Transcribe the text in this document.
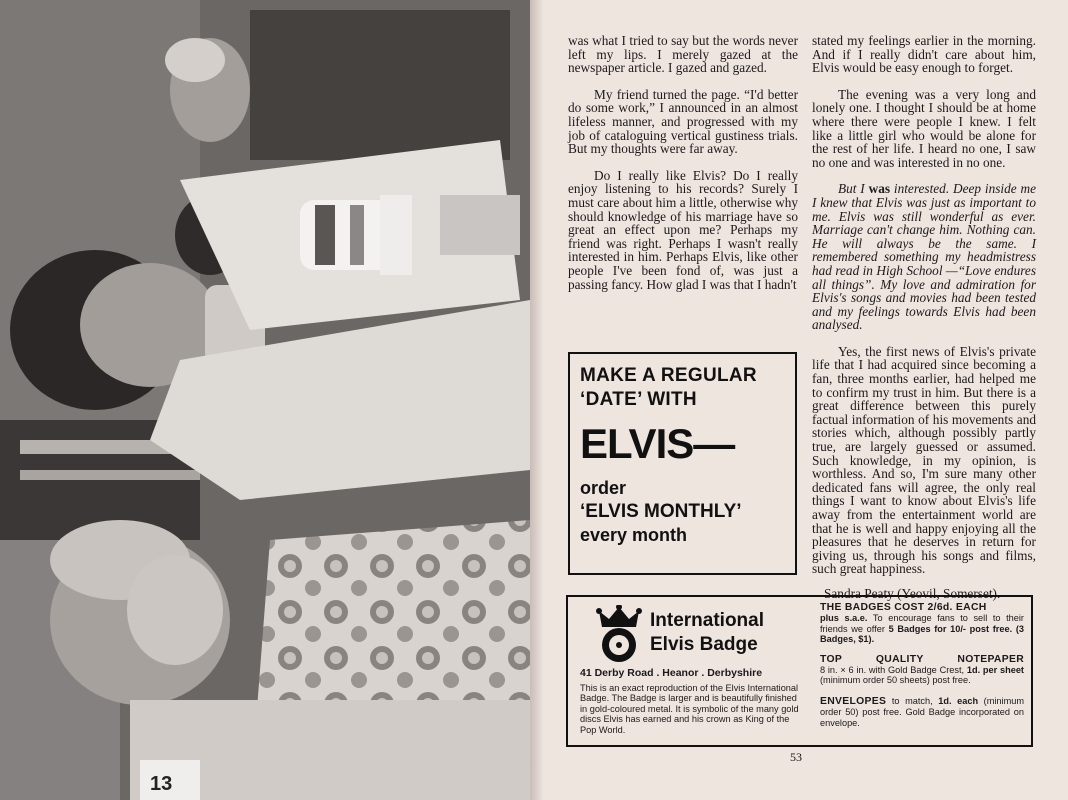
13

was what I tried to say but the words never left my lips. I merely gazed at the newspaper article. I gazed and gazed.

My friend turned the page. “I'd better do some work,” I announced in an almost lifeless manner, and progressed with my job of cataloguing vertical gustiness trials. But my thoughts were far away.

Do I really like Elvis? Do I really enjoy listening to his records? Surely I must care about him a little, otherwise why should knowledge of his marriage have so great an effect upon me? Perhaps my friend was right. Perhaps I wasn't really interested in him. Perhaps Elvis, like other people I've been fond of, was just a passing fancy. How glad I was that I hadn't

stated my feelings earlier in the morning. And if I really didn't care about him, Elvis would be easy enough to forget.

The evening was a very long and lonely one. I thought I should be at home where there were people I knew. I felt like a little girl who would be alone for the rest of her life. I heard no one, I saw no one and was interested in no one.

But I was interested. Deep inside me I knew that Elvis was just as important to me. Elvis was still wonderful as ever. Marriage can't change him. Nothing can. He will always be the same. I remembered something my headmistress had read in High School —“Love endures all things”. My love and admiration for Elvis's songs and movies had been tested and my feelings towards Elvis had been analysed.

Yes, the first news of Elvis's private life that I had acquired since becoming a fan, three months earlier, had helped me to confirm my trust in him. But there is a great difference between this purely factual information of his movements and stories which, although possibly partly true, are largely guessed or assumed. Such knowledge, in my opinion, is worthless. And so, I'm sure many other dedicated fans will agree, the only real things I want to know about Elvis's life away from the entertainment world are that he is well and happy enjoying all the pleasures that he deserves in return for giving us, through his songs and films, such great happiness.

Sandra Peaty (Yeovil, Somerset).

MAKE A REGULAR
‘DATE’ WITH
ELVIS—
order
‘ELVIS MONTHLY’
every month
International
Elvis Badge
41 Derby Road . Heanor . Derbyshire
This is an exact reproduction of the Elvis International Badge. The Badge is larger and is beautifully finished in gold-coloured metal. It is symbolic of the many gold discs Elvis has earned and his crown as King of the Pop World.
THE BADGES COST 2/6d. EACH
plus s.a.e. To encourage fans to sell to their friends we offer 5 Badges for 10/- post free. (3 Badges, $1).
TOP	QUALITY	NOTEPAPER
8 in. × 6 in. with Gold Badge Crest, 1d. per sheet (minimum order 50 sheets) post free.
ENVELOPES to match, 1d. each (minimum order 50) post free. Gold Badge incorporated on envelope.
53
